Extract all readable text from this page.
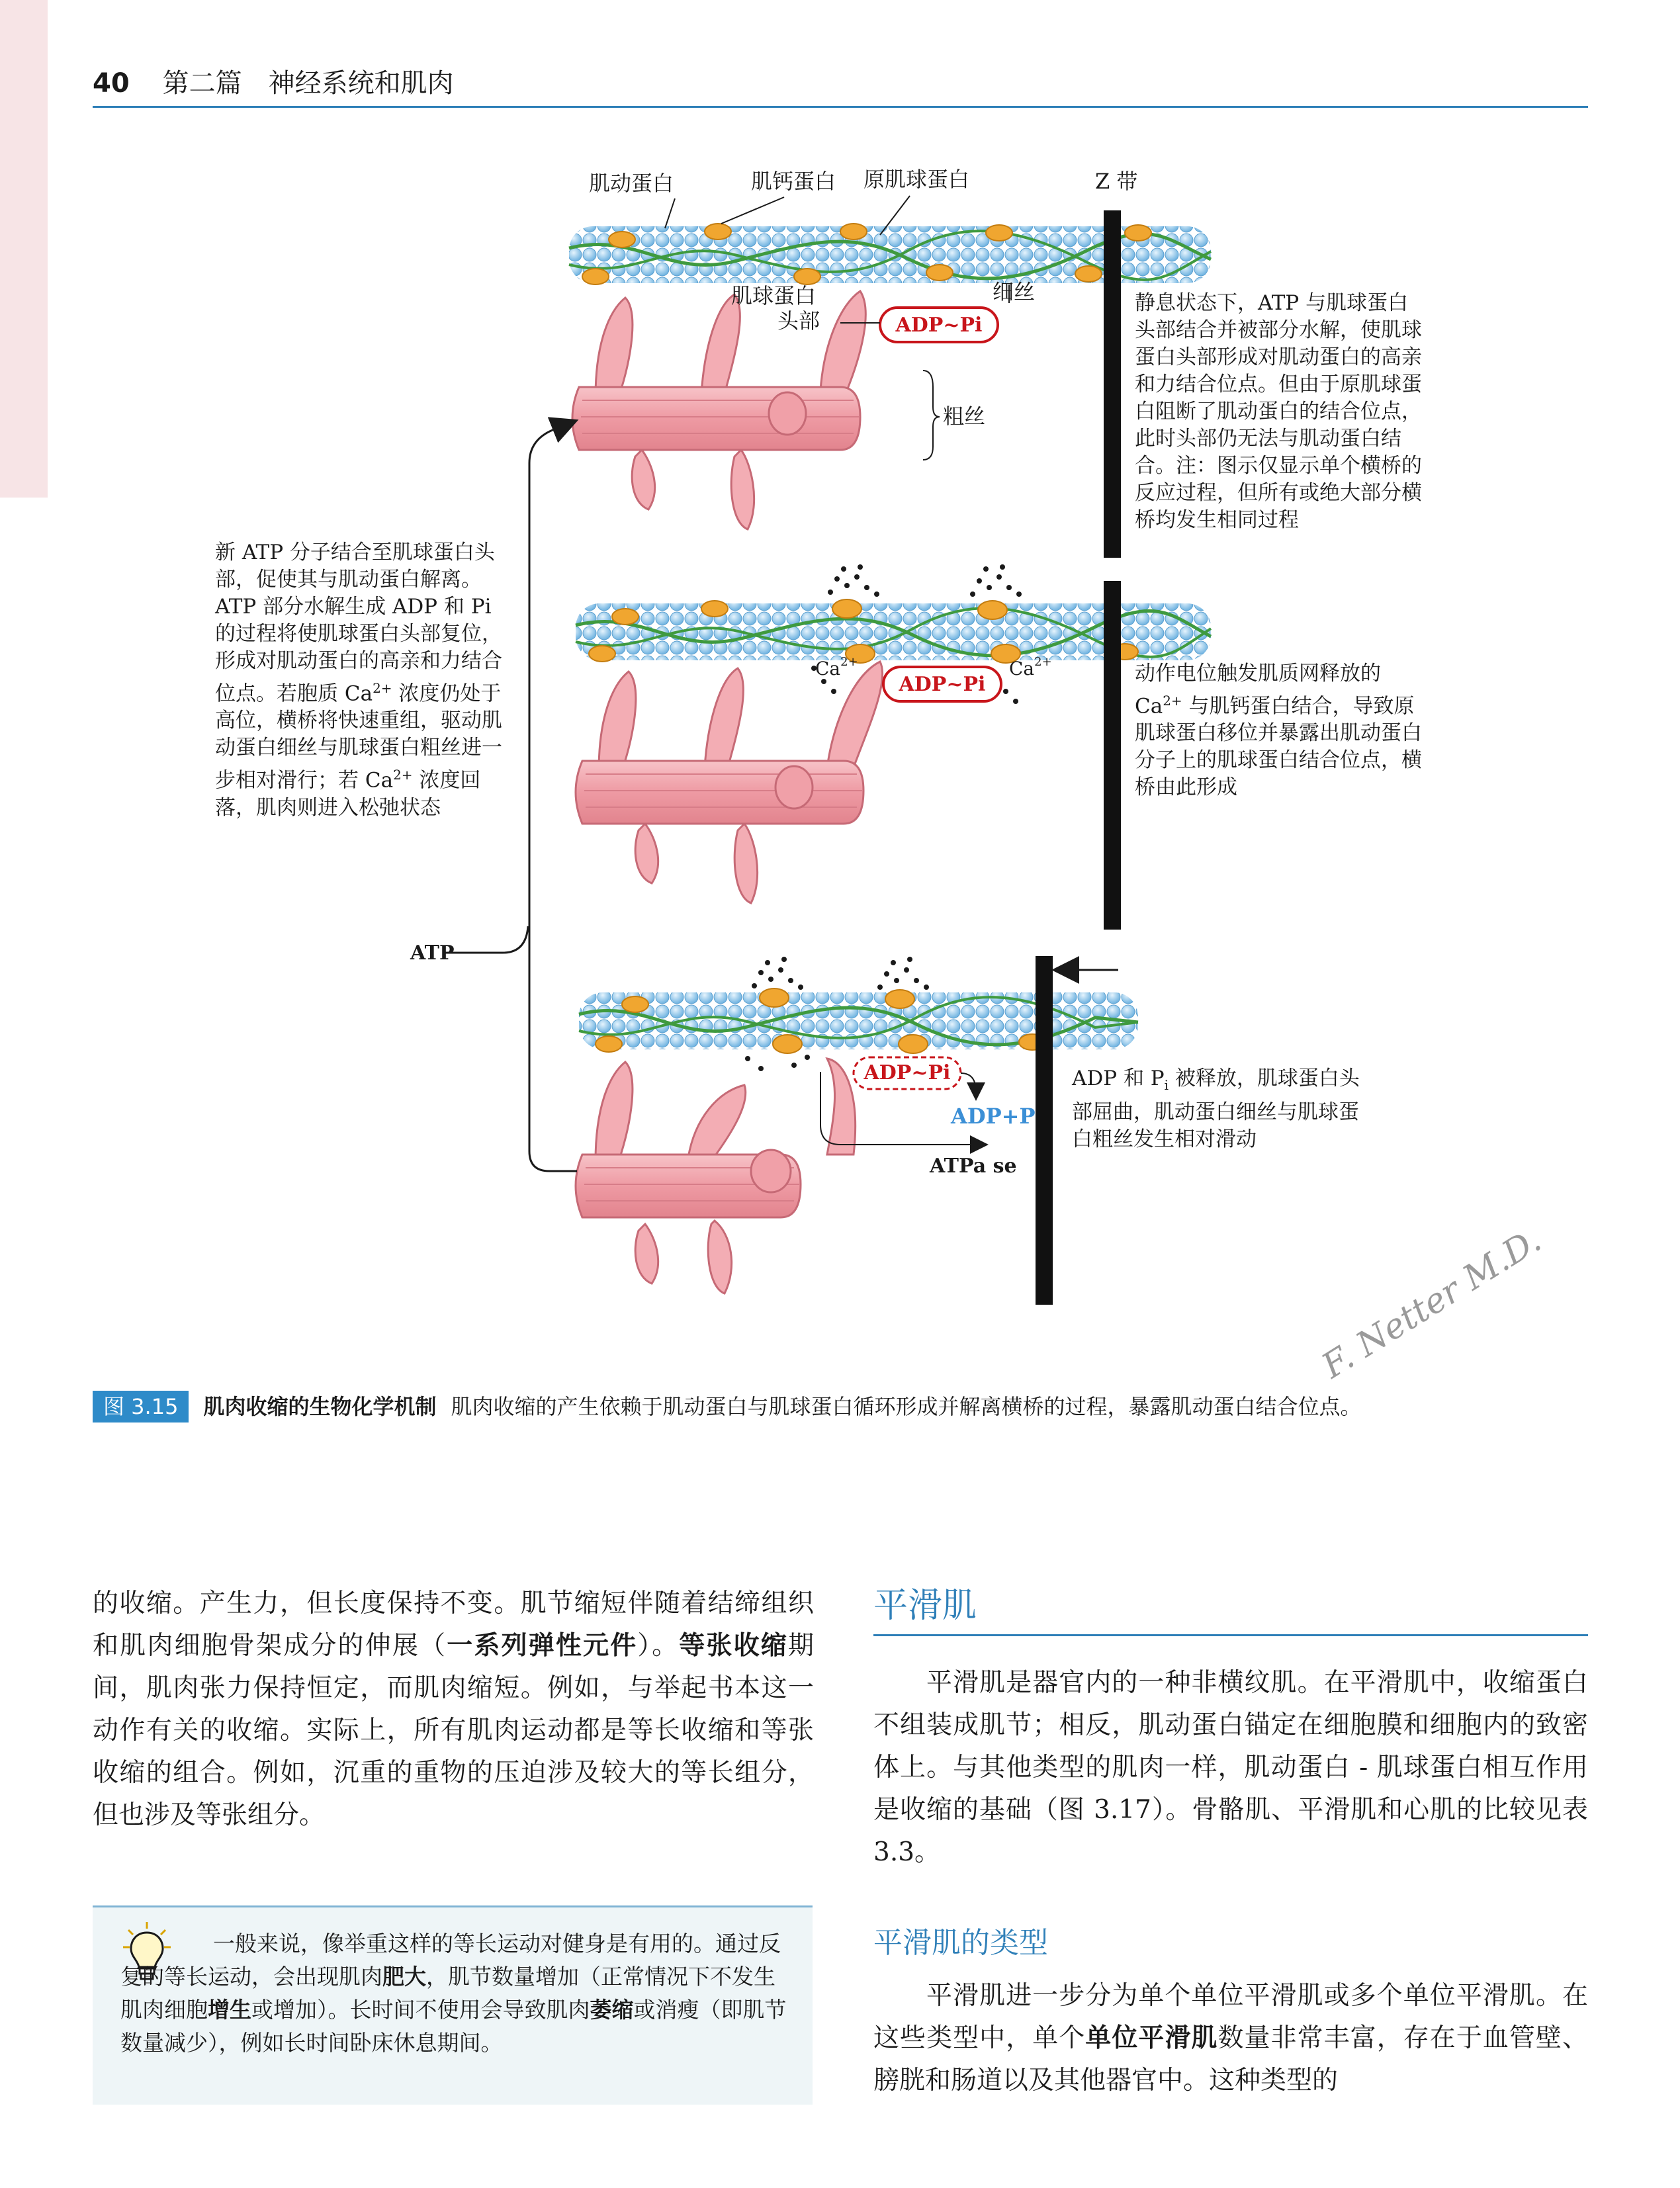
40 第二篇　神经系统和肌肉
ADP~Pi
肌动蛋白	肌钙蛋白 原肌球蛋白	Z 带
肌球蛋白
头部
细丝
粗丝
$Ca^{2+}$	$Ca^{2+}$
ADP~Pi
ADP~Pi
ADP+P
ATPa se
ATP
静息状态下，ATP 与肌球蛋白头部结合并被部分水解，使肌球蛋白头部形成对肌动蛋白的高亲和力结合位点。但由于原肌球蛋白阻断了肌动蛋白的结合位点，此时头部仍无法与肌动蛋白结合。注：图示仅显示单个横桥的反应过程，但所有或绝大部分横桥均发生相同过程
动作电位触发肌质网释放的 $Ca^{2+}$ 与肌钙蛋白结合，导致原肌球蛋白移位并暴露出肌动蛋白分子上的肌球蛋白结合位点，横桥由此形成
ADP 和 $P_i$ 被释放，肌球蛋白头部屈曲，肌动蛋白细丝与肌球蛋白粗丝发生相对滑动
新 ATP 分子结合至肌球蛋白头部，促使其与肌动蛋白解离。ATP 部分水解生成 ADP 和 Pi 的过程将使肌球蛋白头部复位，形成对肌动蛋白的高亲和力结合位点。若胞质 $Ca^{2+}$ 浓度仍处于高位，横桥将快速重组，驱动肌动蛋白细丝与肌球蛋白粗丝进一步相对滑行；若 $Ca^{2+}$ 浓度回落，肌肉则进入松弛状态
F. Netter M.D.
图 3.15 肌肉收缩的生物化学机制 肌肉收缩的产生依赖于肌动蛋白与肌球蛋白循环形成并解离横桥的过程，暴露肌动蛋白结合位点。
的收缩。产生力，但长度保持不变。肌节缩短伴随着结缔组织和肌肉细胞骨架成分的伸展（一系列弹性元件）。等张收缩期间，肌肉张力保持恒定，而肌肉缩短。例如，与举起书本这一动作有关的收缩。实际上，所有肌肉运动都是等长收缩和等张收缩的组合。例如，沉重的重物的压迫涉及较大的等长组分，但也涉及等张组分。
一般来说，像举重这样的等长运动对健身是有用的。通过反复的等长运动，会出现肌肉肥大，肌节数量增加（正常情况下不发生肌肉细胞增生或增加）。长时间不使用会导致肌肉萎缩或消瘦（即肌节数量减少），例如长时间卧床休息期间。
平滑肌
平滑肌是器官内的一种非横纹肌。在平滑肌中，收缩蛋白不组装成肌节；相反，肌动蛋白锚定在细胞膜和细胞内的致密体上。与其他类型的肌肉一样，肌动蛋白 - 肌球蛋白相互作用是收缩的基础（图 3.17）。骨骼肌、平滑肌和心肌的比较见表 3.3。
平滑肌的类型
平滑肌进一步分为单个单位平滑肌或多个单位平滑肌。在这些类型中，单个单位平滑肌数量非常丰富，存在于血管壁、膀胱和肠道以及其他器官中。这种类型的
